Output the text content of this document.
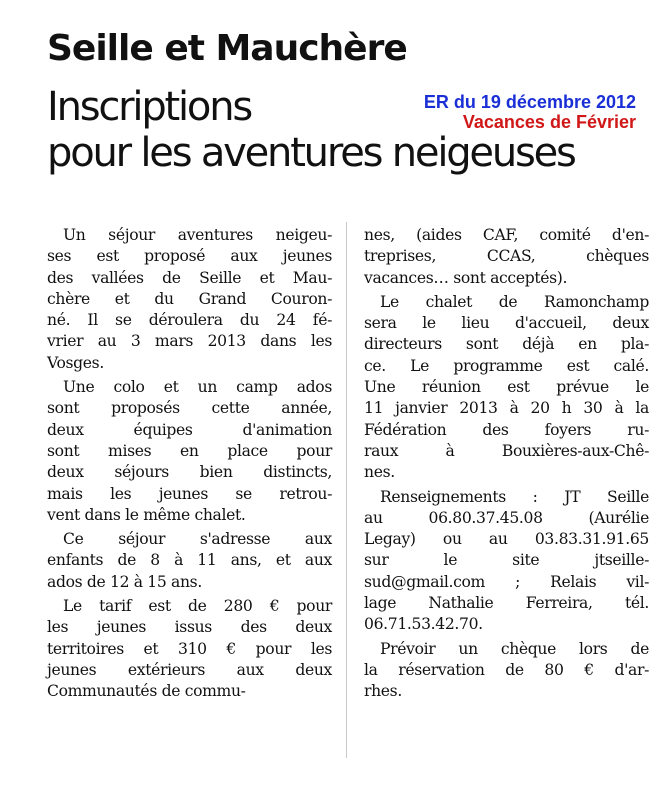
Seille et Mauchère
Inscriptions
pour les aventures neigeuses
ER du 19 décembre 2012
Vacances de Février

Un séjour aventures neigeu-
ses est proposé aux jeunes
des vallées de Seille et Mau-
chère et du Grand Couron-
né. Il se déroulera du 24 fé-
vrier au 3 mars 2013 dans les
Vosges.

Une colo et un camp ados
sont proposés cette année,
deux équipes d'animation
sont mises en place pour
deux séjours bien distincts,
mais les jeunes se retrou-
vent dans le même chalet.

Ce séjour s'adresse aux
enfants de 8 à 11 ans, et aux
ados de 12 à 15 ans.

Le tarif est de 280 € pour
les jeunes issus des deux
territoires et 310 € pour les
jeunes extérieurs aux deux
Communautés de commu-

nes, (aides CAF, comité d'en-
treprises, CCAS, chèques
vacances… sont acceptés).

Le chalet de Ramonchamp
sera le lieu d'accueil, deux
directeurs sont déjà en pla-
ce. Le programme est calé.
Une réunion est prévue le
11 janvier 2013 à 20 h 30 à la
Fédération des foyers ru-
raux à Bouxières-aux-Chê-
nes.

Renseignements : JT Seille
au 06.80.37.45.08 (Aurélie
Legay) ou au 03.83.31.91.65
sur le site jtseille-
sud@gmail.com ; Relais vil-
lage Nathalie Ferreira, tél.
06.71.53.42.70.

Prévoir un chèque lors de
la réservation de 80 € d'ar-
rhes.
